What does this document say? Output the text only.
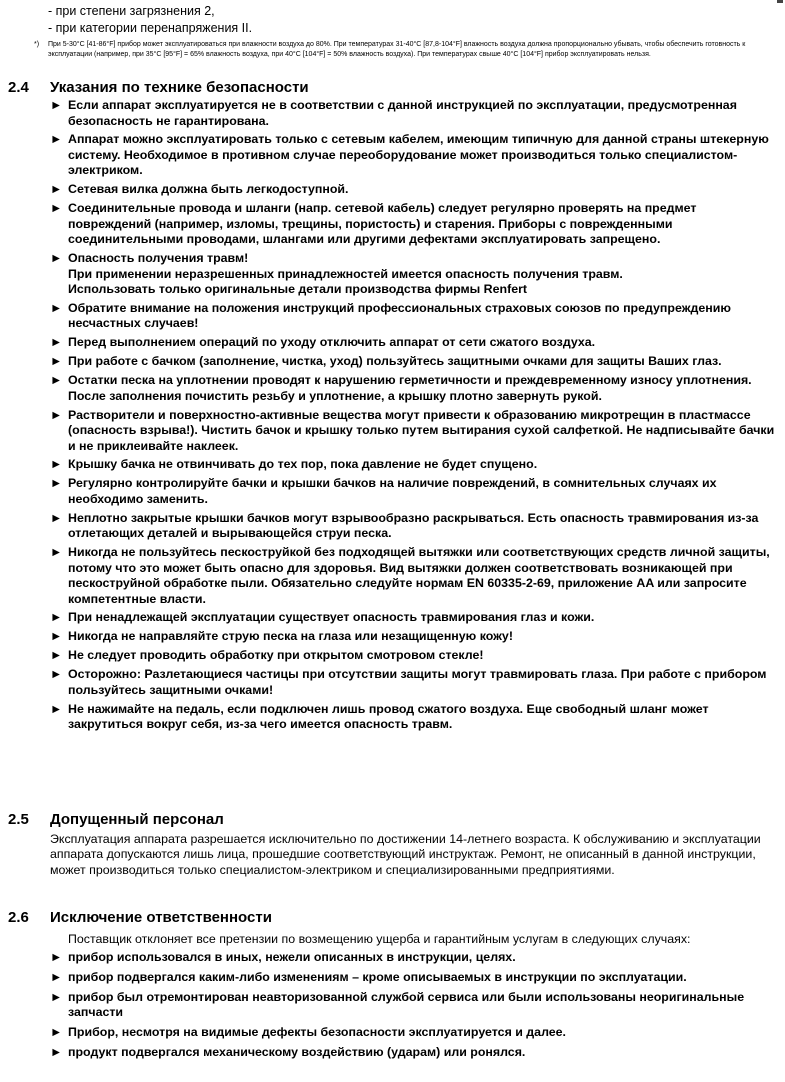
- при степени загрязнения 2,
- при категории перенапряжения II.
*)	При 5-30°C [41-86°F] прибор может эксплуатироваться при влажности воздуха до 80%. При температурах 31-40°C [87,8-104°F] влажность воздуха должна пропорционально убывать, чтобы обеспечить готовность к эксплуатации (например, при 35°C [95°F] = 65% влажность воздуха, при 40°C [104°F] = 50% влажность воздуха). При температурах свыше 40°C [104°F] прибор эксплуатировать нельзя.
2.4 Указания по технике безопасности
► Если аппарат эксплуатируется не в соответствии с данной инструкцией по эксплуатации, предусмотренная безопасность не гарантирована.
► Аппарат можно эксплуатировать только с сетевым кабелем, имеющим типичную для данной страны штекерную систему. Необходимое в противном случае переоборудование может производиться только специалистом-электриком.
► Сетевая вилка должна быть легкодоступной.
► Соединительные провода и шланги (напр. сетевой кабель) следует регулярно проверять на предмет повреждений (например, изломы, трещины, пористость) и старения. Приборы с поврежденными соединительными проводами, шлангами или другими дефектами эксплуатировать запрещено.
► Опасность получения травм!
При применении неразрешенных принадлежностей имеется опасность получения травм.
Использовать только оригинальные детали производства фирмы Renfert
► Обратите внимание на положения инструкций профессиональных страховых союзов по предупреждению несчастных случаев!
► Перед выполнением операций по уходу отключить аппарат от сети сжатого воздуха.
► При работе с бачком (заполнение, чистка, уход) пользуйтесь защитными очками для защиты Ваших глаз.
► Остатки песка на уплотнении проводят к нарушению герметичности и преждевременному износу уплотнения. После заполнения почистить резьбу и уплотнение, а крышку плотно завернуть рукой.
► Растворители и поверхностно-активные вещества могут привести к образованию микротрещин в пластмассе (опасность взрыва!). Чистить бачок и крышку только путем вытирания сухой салфеткой. Не надписывайте бачки и не приклеивайте наклеек.
► Крышку бачка не отвинчивать до тех пор, пока давление не будет спущено.
► Регулярно контролируйте бачки и крышки бачков на наличие повреждений, в сомнительных случаях их необходимо заменить.
► Неплотно закрытые крышки бачков могут взрывообразно раскрываться. Есть опасность травмирования из-за отлетающих деталей и вырывающейся струи песка.
► Никогда не пользуйтесь пескоструйкой без подходящей вытяжки или соответствующих средств личной защиты, потому что это может быть опасно для здоровья. Вид вытяжки должен соответствовать возникающей при пескоструйной обработке пыли. Обязательно следуйте нормам EN 60335-2-69, приложение AA или запросите компетентные власти.
► При ненадлежащей эксплуатации существует опасность травмирования глаз и кожи.
► Никогда не направляйте струю песка на глаза или незащищенную кожу!
► Не следует проводить обработку при открытом смотровом стекле!
► Осторожно: Разлетающиеся частицы при отсутствии защиты могут травмировать глаза. При работе с прибором пользуйтесь защитными очками!
► Не нажимайте на педаль, если подключен лишь провод сжатого воздуха. Еще свободный шланг может закрутиться вокруг себя, из-за чего имеется опасность травм.
2.5 Допущенный персонал
Эксплуатация аппарата разрешается исключительно по достижении 14-летнего возраста. К обслуживанию и эксплуатации аппарата допускаются лишь лица, прошедшие соответствующий инструктаж. Ремонт, не описанный в данной инструкции, может производиться только специалистом-электриком и специализированными предприятиями.
2.6 Исключение ответственности
Поставщик отклоняет все претензии по возмещению ущерба и гарантийным услугам в следующих случаях:
► прибор использовался в иных, нежели описанных в инструкции, целях.
► прибор подвергался каким-либо изменениям – кроме описываемых в инструкции по эксплуатации.
► прибор был отремонтирован неавторизованной службой сервиса или были использованы неоригинальные запчасти
► Прибор, несмотря на видимые дефекты безопасности эксплуатируется и далее.
► продукт подвергался механическому воздействию (ударам) или ронялся.
